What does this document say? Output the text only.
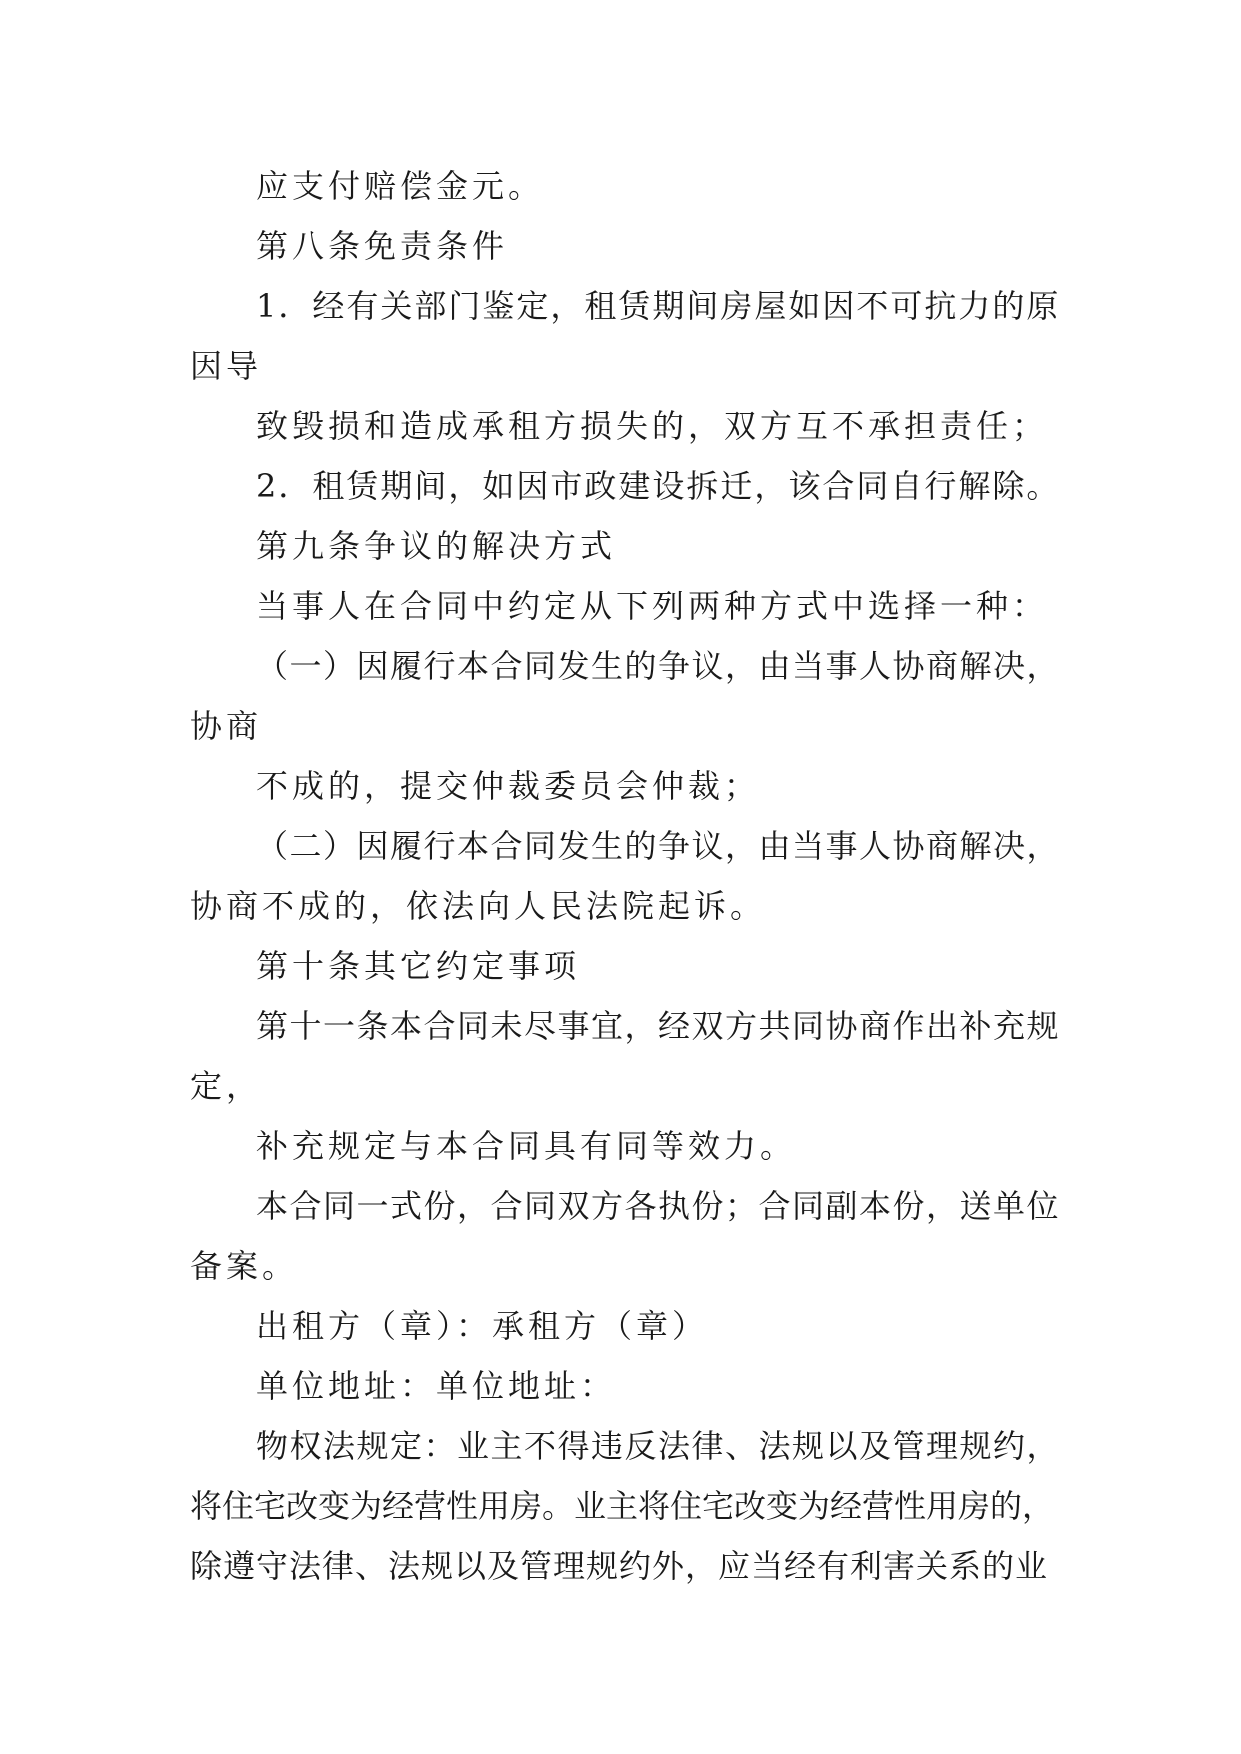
应支付赔偿金元。

第八条免责条件

1．经有关部门鉴定，租赁期间房屋如因不可抗力的原

因导

致毁损和造成承租方损失的，双方互不承担责任；

2．租赁期间，如因市政建设拆迁，该合同自行解除。

第九条争议的解决方式

当事人在合同中约定从下列两种方式中选择一种：

（一）因履行本合同发生的争议，由当事人协商解决，

协商

不成的，提交仲裁委员会仲裁；

（二）因履行本合同发生的争议，由当事人协商解决，

协商不成的，依法向人民法院起诉。

第十条其它约定事项

第十一条本合同未尽事宜，经双方共同协商作出补充规

定，

补充规定与本合同具有同等效力。

本合同一式份，合同双方各执份；合同副本份，送单位

备案。

出租方（章）：承租方（章）

单位地址：单位地址：

物权法规定：业主不得违反法律、法规以及管理规约，

将住宅改变为经营性用房。业主将住宅改变为经营性用房的，

除遵守法律、法规以及管理规约外，应当经有利害关系的业
